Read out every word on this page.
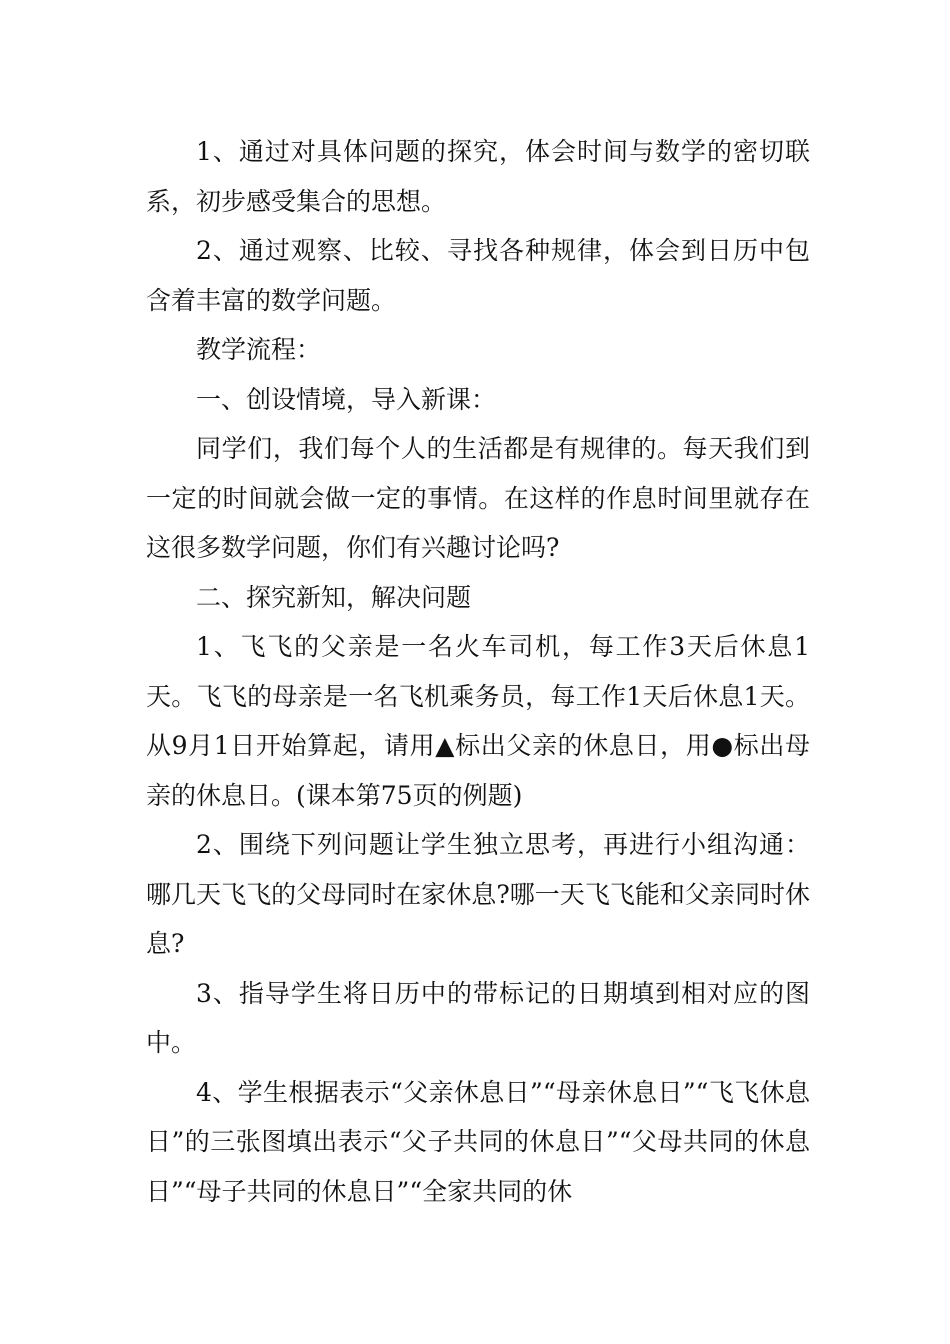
1、通过对具体问题的探究，体会时间与数学的密切联系，初步感受集合的思想。

2、通过观察、比较、寻找各种规律，体会到日历中包含着丰富的数学问题。

教学流程：

一、创设情境，导入新课：

同学们，我们每个人的生活都是有规律的。每天我们到一定的时间就会做一定的事情。在这样的作息时间里就存在这很多数学问题，你们有兴趣讨论吗?

二、探究新知，解决问题

1、飞飞的父亲是一名火车司机，每工作3天后休息1天。飞飞的母亲是一名飞机乘务员，每工作1天后休息1天。从9月1日开始算起，请用▲标出父亲的休息日，用●标出母亲的休息日。(课本第75页的例题)

2、围绕下列问题让学生独立思考，再进行小组沟通：哪几天飞飞的父母同时在家休息?哪一天飞飞能和父亲同时休息?

3、指导学生将日历中的带标记的日期填到相对应的图中。

4、学生根据表示“父亲休息日”“母亲休息日”“飞飞休息日”的三张图填出表示“父子共同的休息日”“父母共同的休息日”“母子共同的休息日”“全家共同的休
